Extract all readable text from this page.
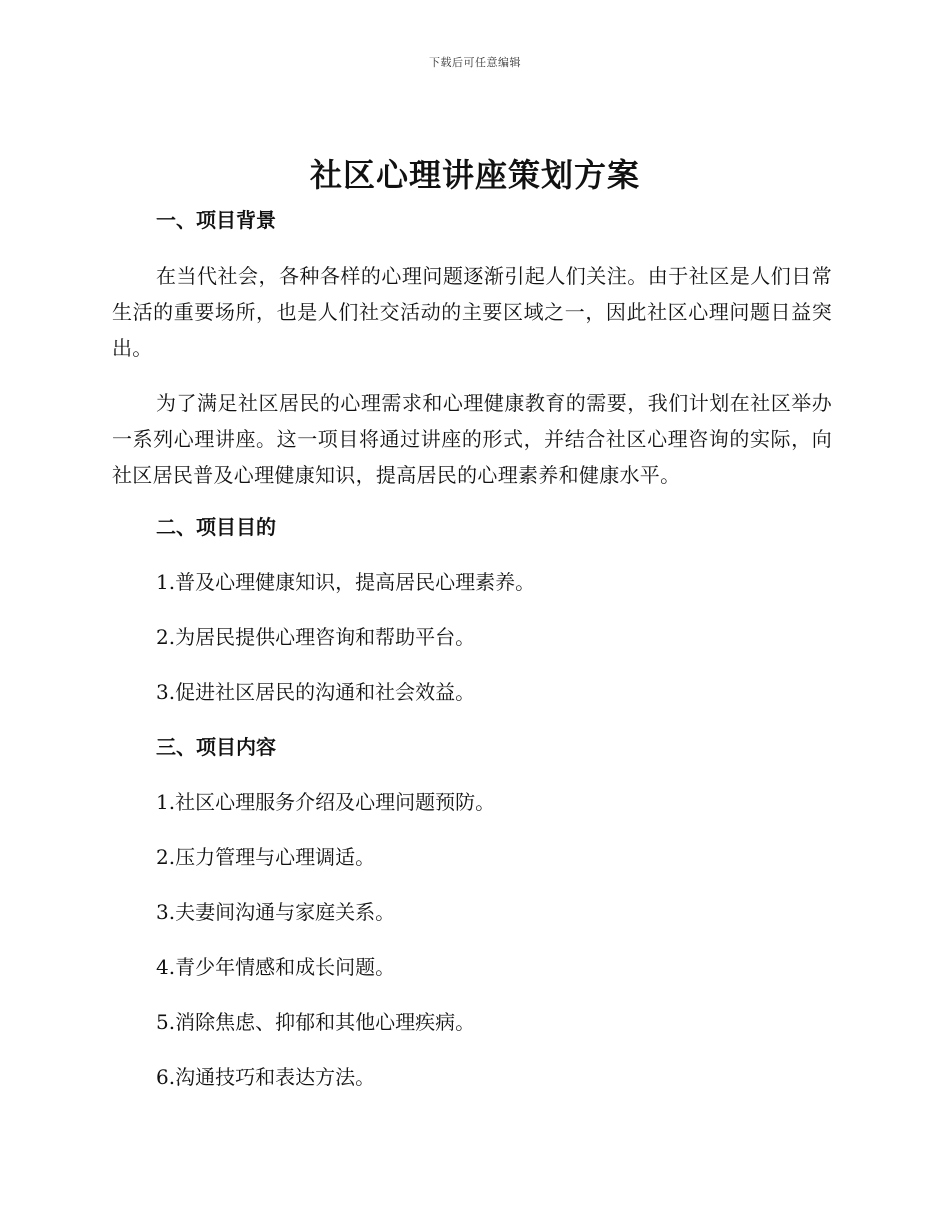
下载后可任意编辑
社区心理讲座策划方案
一、项目背景

在当代社会，各种各样的心理问题逐渐引起人们关注。由于社区是人们日常生活的重要场所，也是人们社交活动的主要区域之一，因此社区心理问题日益突出。

为了满足社区居民的心理需求和心理健康教育的需要，我们计划在社区举办一系列心理讲座。这一项目将通过讲座的形式，并结合社区心理咨询的实际，向社区居民普及心理健康知识，提高居民的心理素养和健康水平。

二、项目目的

1.普及心理健康知识，提高居民心理素养。

2.为居民提供心理咨询和帮助平台。

3.促进社区居民的沟通和社会效益。

三、项目内容

1.社区心理服务介绍及心理问题预防。

2.压力管理与心理调适。

3.夫妻间沟通与家庭关系。

4.青少年情感和成长问题。

5.消除焦虑、抑郁和其他心理疾病。

6.沟通技巧和表达方法。
